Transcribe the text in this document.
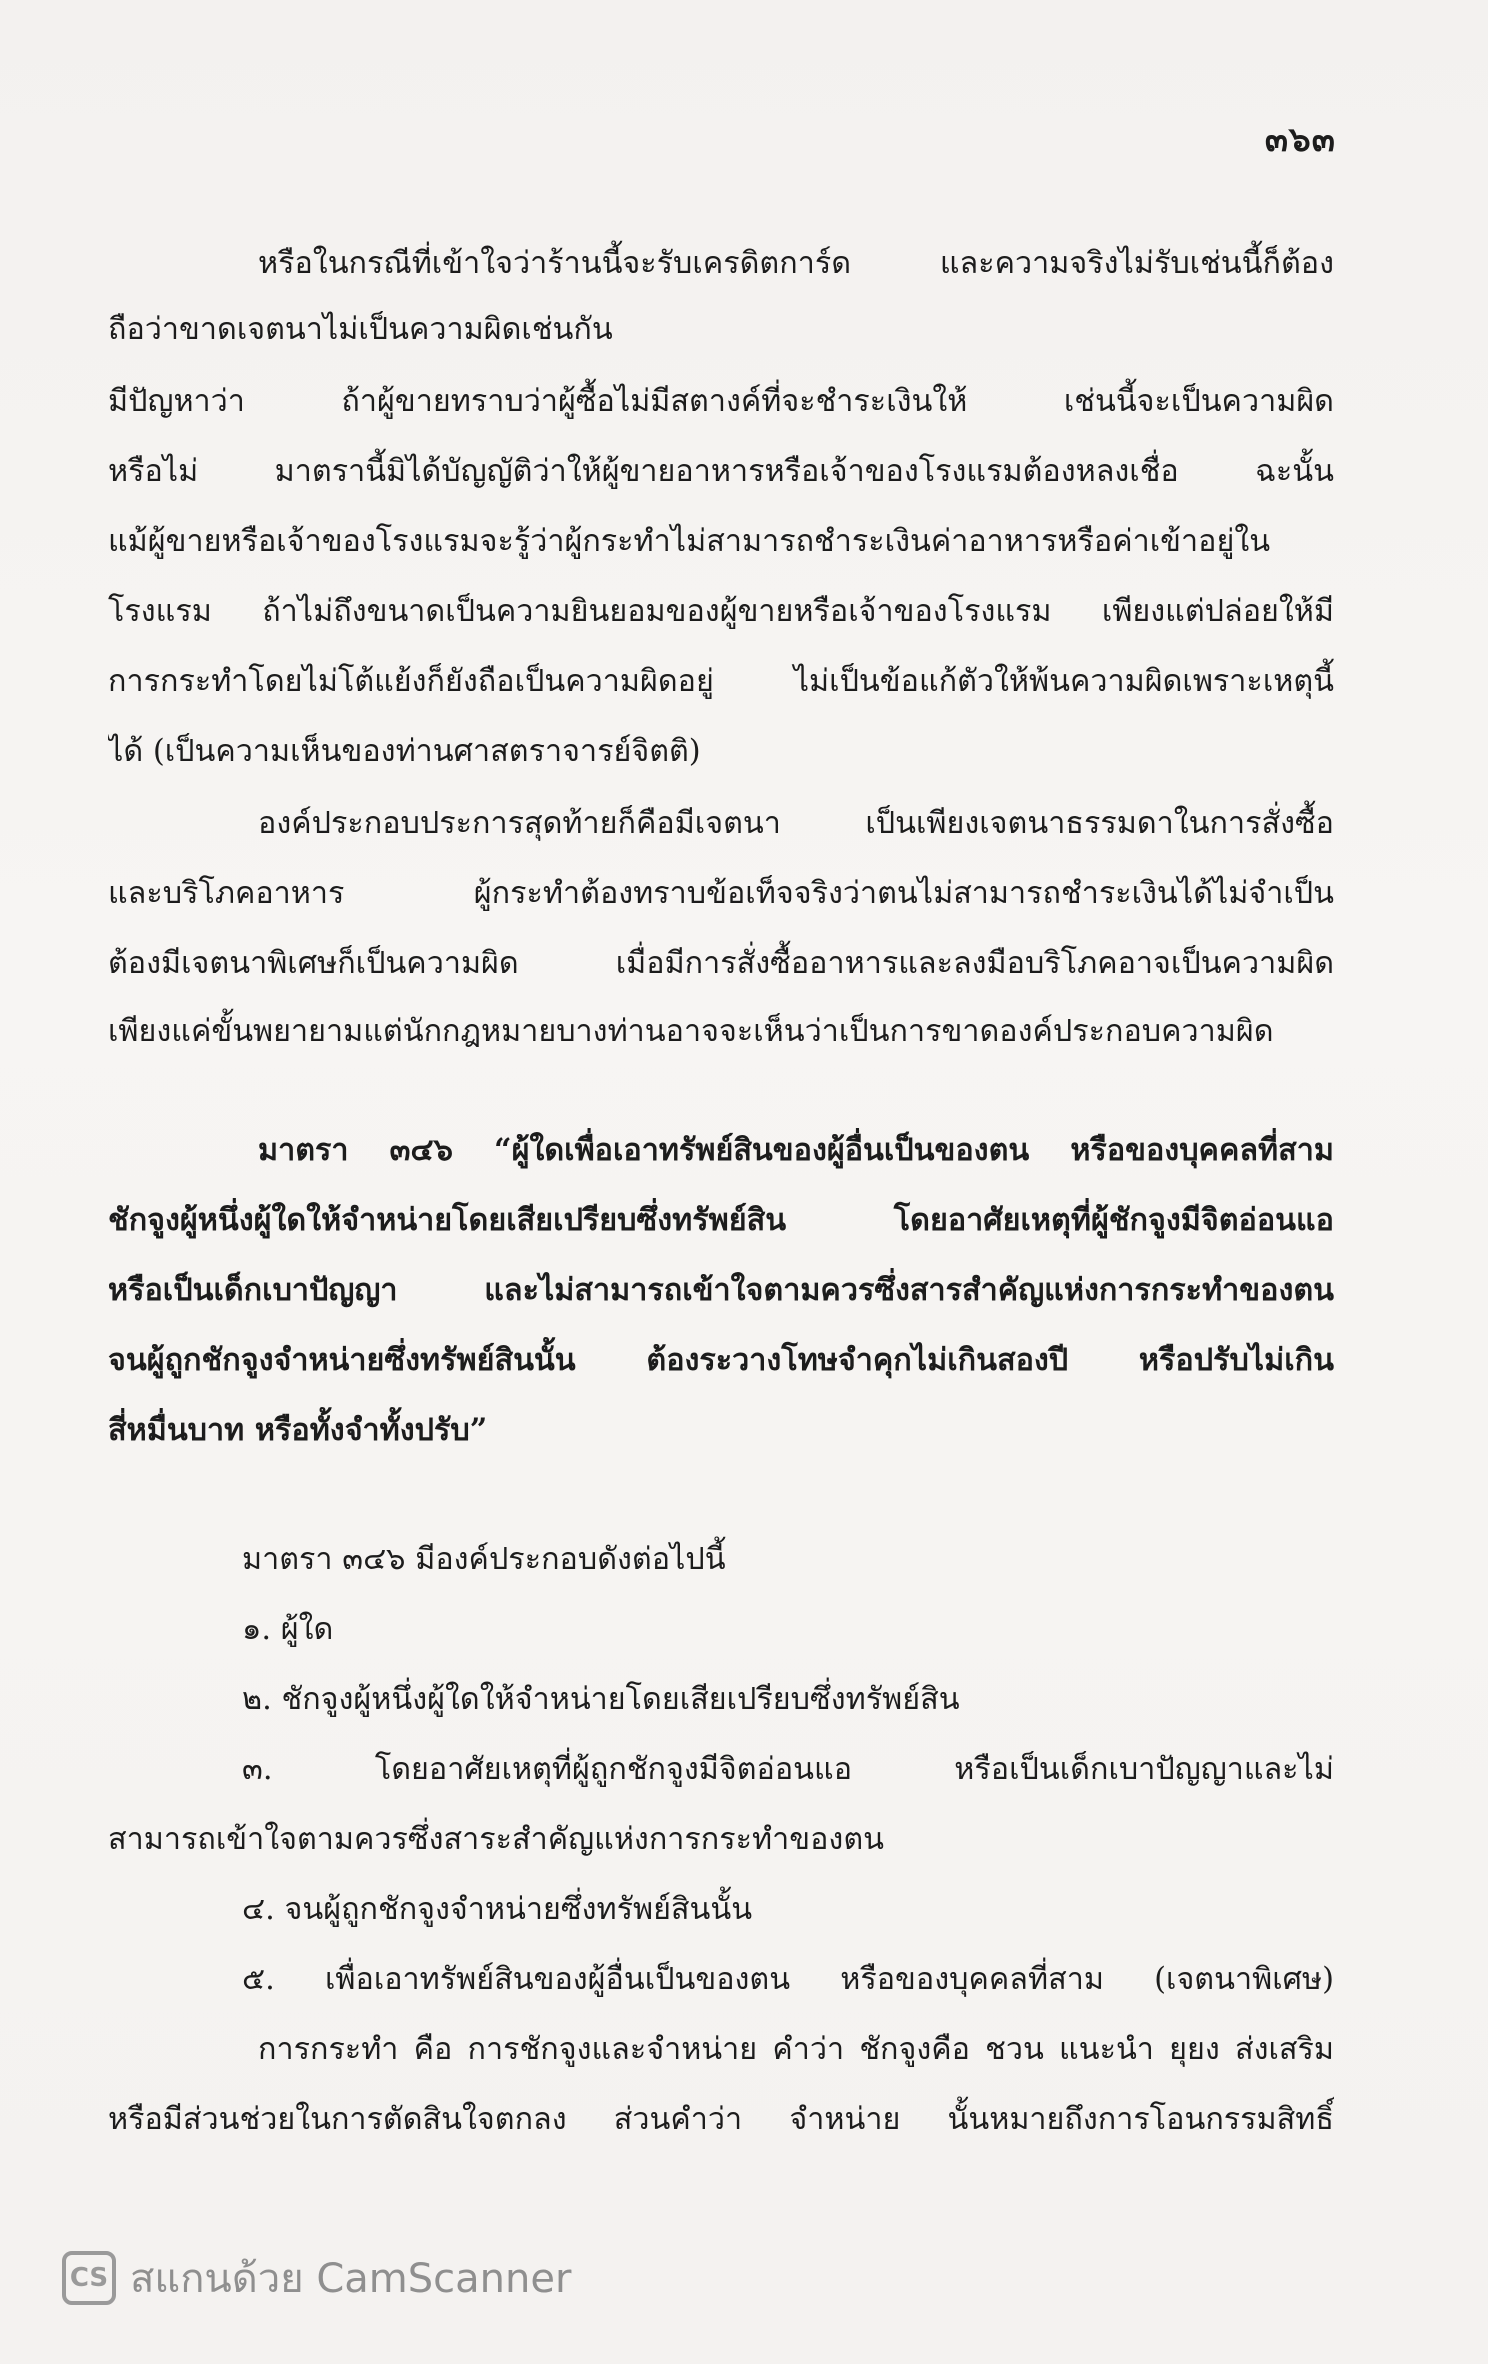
๓๖๓
หรือในกรณีที่เข้าใจว่าร้านนี้จะรับเครดิตการ์ด และความจริงไม่รับเช่นนี้ก็ต้อง
ถือว่าขาดเจตนาไม่เป็นความผิดเช่นกัน
มีปัญหาว่า ถ้าผู้ขายทราบว่าผู้ซื้อไม่มีสตางค์ที่จะชำระเงินให้ เช่นนี้จะเป็นความผิด
หรือไม่ มาตรานี้มิได้บัญญัติว่าให้ผู้ขายอาหารหรือเจ้าของโรงแรมต้องหลงเชื่อ ฉะนั้น
แม้ผู้ขายหรือเจ้าของโรงแรมจะรู้ว่าผู้กระทำไม่สามารถชำระเงินค่าอาหารหรือค่าเข้าอยู่ใน
โรงแรม ถ้าไม่ถึงขนาดเป็นความยินยอมของผู้ขายหรือเจ้าของโรงแรม เพียงแต่ปล่อยให้มี
การกระทำโดยไม่โต้แย้งก็ยังถือเป็นความผิดอยู่ ไม่เป็นข้อแก้ตัวให้พ้นความผิดเพราะเหตุนี้
ได้ (เป็นความเห็นของท่านศาสตราจารย์จิตติ)
องค์ประกอบประการสุดท้ายก็คือมีเจตนา เป็นเพียงเจตนาธรรมดาในการสั่งซื้อ
และบริโภคอาหาร ผู้กระทำต้องทราบข้อเท็จจริงว่าตนไม่สามารถชำระเงินได้ไม่จำเป็น
ต้องมีเจตนาพิเศษก็เป็นความผิด เมื่อมีการสั่งซื้ออาหารและลงมือบริโภคอาจเป็นความผิด
เพียงแค่ขั้นพยายามแต่นักกฎหมายบางท่านอาจจะเห็นว่าเป็นการขาดองค์ประกอบความผิด
มาตรา ๓๔๖ “ผู้ใดเพื่อเอาทรัพย์สินของผู้อื่นเป็นของตน หรือของบุคคลที่สาม
ชักจูงผู้หนึ่งผู้ใดให้จำหน่ายโดยเสียเปรียบซึ่งทรัพย์สิน โดยอาศัยเหตุที่ผู้ชักจูงมีจิตอ่อนแอ
หรือเป็นเด็กเบาปัญญา และไม่สามารถเข้าใจตามควรซึ่งสารสำคัญแห่งการกระทำของตน
จนผู้ถูกชักจูงจำหน่ายซึ่งทรัพย์สินนั้น ต้องระวางโทษจำคุกไม่เกินสองปี หรือปรับไม่เกิน
สี่หมื่นบาท หรือทั้งจำทั้งปรับ”
มาตรา ๓๔๖ มีองค์ประกอบดังต่อไปนี้
๑. ผู้ใด
๒. ชักจูงผู้หนึ่งผู้ใดให้จำหน่ายโดยเสียเปรียบซึ่งทรัพย์สิน
๓. โดยอาศัยเหตุที่ผู้ถูกชักจูงมีจิตอ่อนแอ หรือเป็นเด็กเบาปัญญาและไม่
สามารถเข้าใจตามควรซึ่งสาระสำคัญแห่งการกระทำของตน
๔. จนผู้ถูกชักจูงจำหน่ายซึ่งทรัพย์สินนั้น
๕. เพื่อเอาทรัพย์สินของผู้อื่นเป็นของตน หรือของบุคคลที่สาม (เจตนาพิเศษ)
การกระทำ คือ การชักจูงและจำหน่าย คำว่า ชักจูงคือ ชวน แนะนำ ยุยง ส่งเสริม
หรือมีส่วนช่วยในการตัดสินใจตกลง ส่วนคำว่า จำหน่าย นั้นหมายถึงการโอนกรรมสิทธิ์
CS สแกนด้วย CamScanner
